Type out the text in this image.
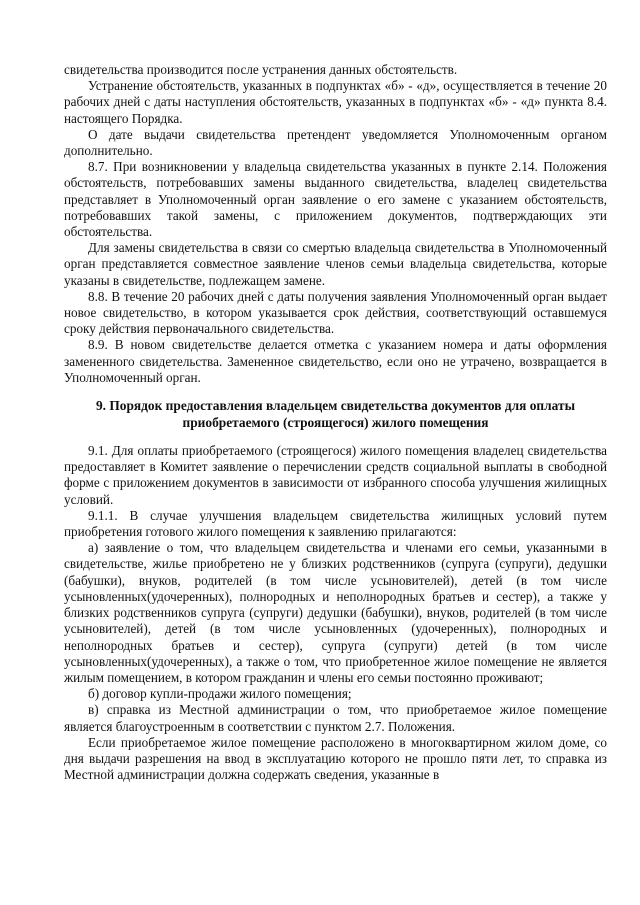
свидетельства производится после устранения данных обстоятельств.

Устранение обстоятельств, указанных в подпунктах «б» - «д», осуществляется в течение 20 рабочих дней с даты наступления обстоятельств, указанных в подпунктах «б» - «д» пункта 8.4. настоящего Порядка.

О дате выдачи свидетельства претендент уведомляется Уполномоченным органом дополнительно.

8.7. При возникновении у владельца свидетельства указанных в пункте 2.14. Положения обстоятельств, потребовавших замены выданного свидетельства, владелец свидетельства представляет в Уполномоченный орган заявление о его замене с указанием обстоятельств, потребовавших такой замены, с приложением документов, подтверждающих эти обстоятельства.

Для замены свидетельства в связи со смертью владельца свидетельства в Уполномоченный орган представляется совместное заявление членов семьи владельца свидетельства, которые указаны в свидетельстве, подлежащем замене.

8.8. В течение 20 рабочих дней с даты получения заявления Уполномоченный орган выдает новое свидетельство, в котором указывается срок действия, соответствующий оставшемуся сроку действия первоначального свидетельства.

8.9. В новом свидетельстве делается отметка с указанием номера и даты оформления замененного свидетельства. Замененное свидетельство, если оно не утрачено, возвращается в Уполномоченный орган.

9. Порядок предоставления владельцем свидетельства документов для оплаты
приобретаемого (строящегося) жилого помещения

9.1. Для оплаты приобретаемого (строящегося) жилого помещения владелец свидетельства предоставляет в Комитет заявление о перечислении средств социальной выплаты в свободной форме с приложением документов в зависимости от избранного способа улучшения жилищных условий.

9.1.1. В случае улучшения владельцем свидетельства жилищных условий путем приобретения готового жилого помещения к заявлению прилагаются:

а) заявление о том, что владельцем свидетельства и членами его семьи, указанными в свидетельстве, жилье приобретено не у близких родственников (супруга (супруги), дедушки (бабушки), внуков, родителей (в том числе усыновителей), детей (в том числе усыновленных(удочеренных), полнородных и неполнородных братьев и сестер), а также у близких родственников супруга (супруги) дедушки (бабушки), внуков, родителей (в том числе усыновителей), детей (в том числе усыновленных (удочеренных), полнородных и неполнородных братьев и сестер), супруга (супруги) детей (в том числе усыновленных(удочеренных), а также о том, что приобретенное жилое помещение не является жилым помещением, в котором гражданин и члены его семьи постоянно проживают;

б) договор купли-продажи жилого помещения;

в) справка из Местной администрации о том, что приобретаемое жилое помещение является благоустроенным в соответствии с пунктом 2.7. Положения.

Если приобретаемое жилое помещение расположено в многоквартирном жилом доме, со дня выдачи разрешения на ввод в эксплуатацию которого не прошло пяти лет, то справка из Местной администрации должна содержать сведения, указанные в
